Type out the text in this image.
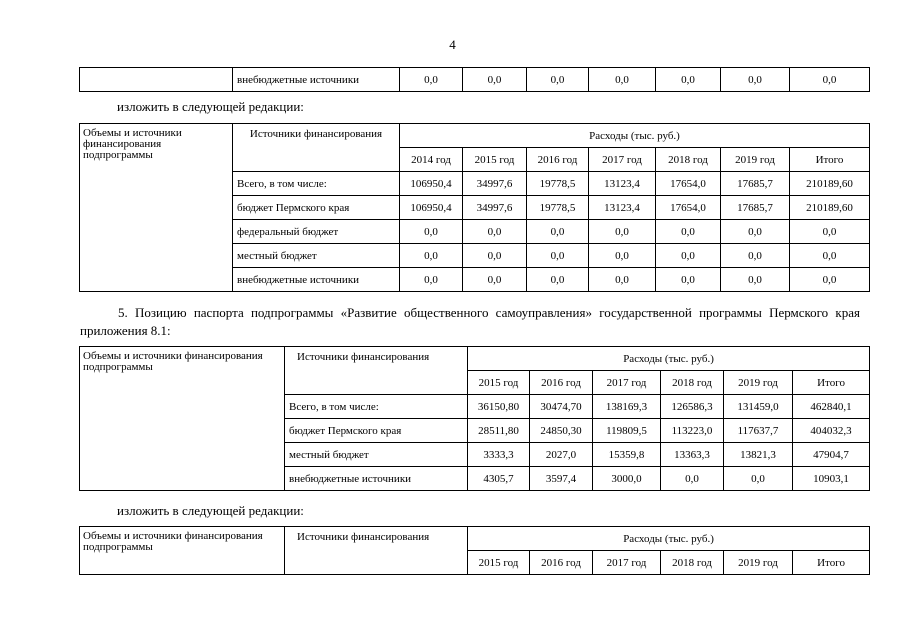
4
	внебюджетные источники	0,0	0,0	0,0	0,0	0,0	0,0	0,0
изложить в следующей редакции:
Объемы и источники финансирования подпрограммы	Источники финансирования	Расходы (тыс. руб.)						
		2014 год	2015 год	2016 год	2017 год	2018 год	2019 год	Итого
	Всего, в том числе:	106950,4	34997,6	19778,5	13123,4	17654,0	17685,7	210189,60
	бюджет Пермского края	106950,4	34997,6	19778,5	13123,4	17654,0	17685,7	210189,60
	федеральный бюджет	0,0	0,0	0,0	0,0	0,0	0,0	0,0
	местный бюджет	0,0	0,0	0,0	0,0	0,0	0,0	0,0
	внебюджетные источники	0,0	0,0	0,0	0,0	0,0	0,0	0,0
5. Позицию паспорта подпрограммы «Развитие общественного самоуправления» государственной программы Пермского края приложения 8.1:
Объемы и источники финансирования подпрограммы	Источники финансирования	Расходы (тыс. руб.)					
		2015 год	2016 год	2017 год	2018 год	2019 год	Итого
	Всего, в том числе:	36150,80	30474,70	138169,3	126586,3	131459,0	462840,1
	бюджет Пермского края	28511,80	24850,30	119809,5	113223,0	117637,7	404032,3
	местный бюджет	3333,3	2027,0	15359,8	13363,3	13821,3	47904,7
	внебюджетные источники	4305,7	3597,4	3000,0	0,0	0,0	10903,1
изложить в следующей редакции:
Объемы и источники финансирования подпрограммы	Источники финансирования	Расходы (тыс. руб.)					
		2015 год	2016 год	2017 год	2018 год	2019 год	Итого
